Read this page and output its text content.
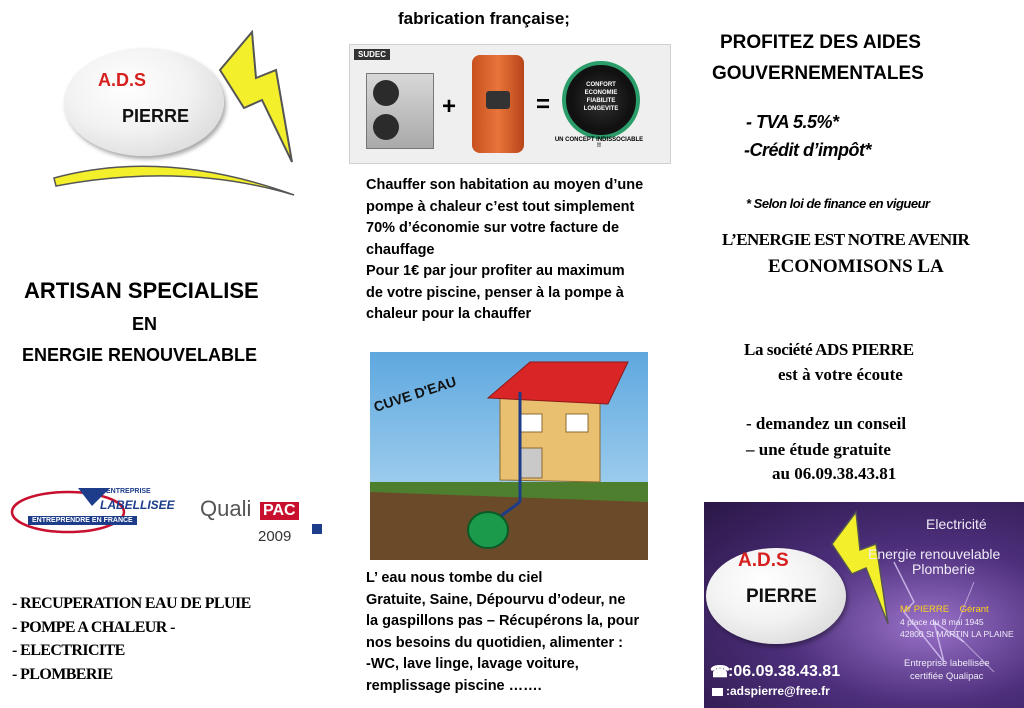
A.D.S
PIERRE
ARTISAN SPECIALISE
EN
ENERGIE RENOUVELABLE
ENTREPRISE
LABELLISEE
ENTREPRENDRE EN FRANCE	Quali PAC
2009
- RECUPERATION EAU DE PLUIE
- POMPE A CHALEUR -
- ELECTRICITE
- PLOMBERIE
fabrication française;
SUDEC
+	=
CONFORT
ECONOMIE
FIABILITE
LONGEVITE
UN CONCEPT INDISSOCIABLE !!
Chauffer son habitation au moyen d’une
pompe à chaleur c’est tout simplement
70% d’économie sur votre facture de
chauffage
Pour 1€ par jour profiter au maximum
de votre piscine, penser à la pompe à
chaleur pour la chauffer
CUVE D'EAU
L’ eau nous tombe du ciel
Gratuite, Saine, Dépourvu d’odeur, ne
la gaspillons pas – Récupérons la, pour
nos besoins du quotidien, alimenter :
-WC, lave linge, lavage voiture,
remplissage piscine …….
PROFITEZ DES AIDES
GOUVERNEMENTALES
- TVA 5.5%*
-Crédit d’impôt*
* Selon loi de finance en vigueur
L’ENERGIE EST NOTRE AVENIR
ECONOMISONS LA
La société ADS PIERRE
est à votre écoute
- demandez un conseil
– une étude gratuite
au 06.09.38.43.81
A.D.S
PIERRE
Electricité
Energie renouvelable
Plomberie
Mr PIERRE    Gérant
4 place du 8 mai 1945
42800 St MARTIN LA PLAINE
Entreprise labellisée
certifiée Qualipac
☎
:06.09.38.43.81
:adspierre@free.fr
